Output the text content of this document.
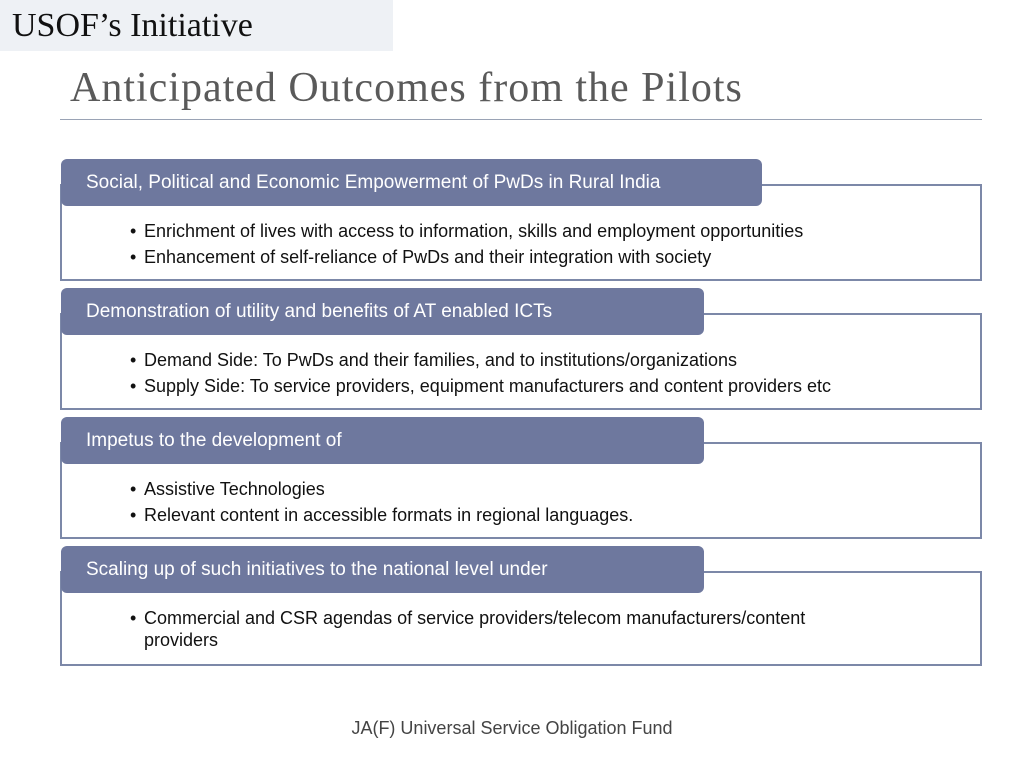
USOF’s Initiative
Anticipated Outcomes from the Pilots
Social, Political and Economic Empowerment of PwDs in Rural India
• Enrichment of lives with access to information, skills and employment opportunities
• Enhancement of self-reliance of PwDs and their integration with society
Demonstration of utility and benefits of AT enabled ICTs
• Demand Side: To PwDs and their families, and to institutions/organizations
• Supply Side: To service providers, equipment manufacturers and content providers etc
Impetus to the development of
• Assistive Technologies
• Relevant content in accessible formats in regional languages.
Scaling up of such initiatives to the national level under
• Commercial and CSR agendas of service providers/telecom manufacturers/content providers
JA(F) Universal Service Obligation Fund
